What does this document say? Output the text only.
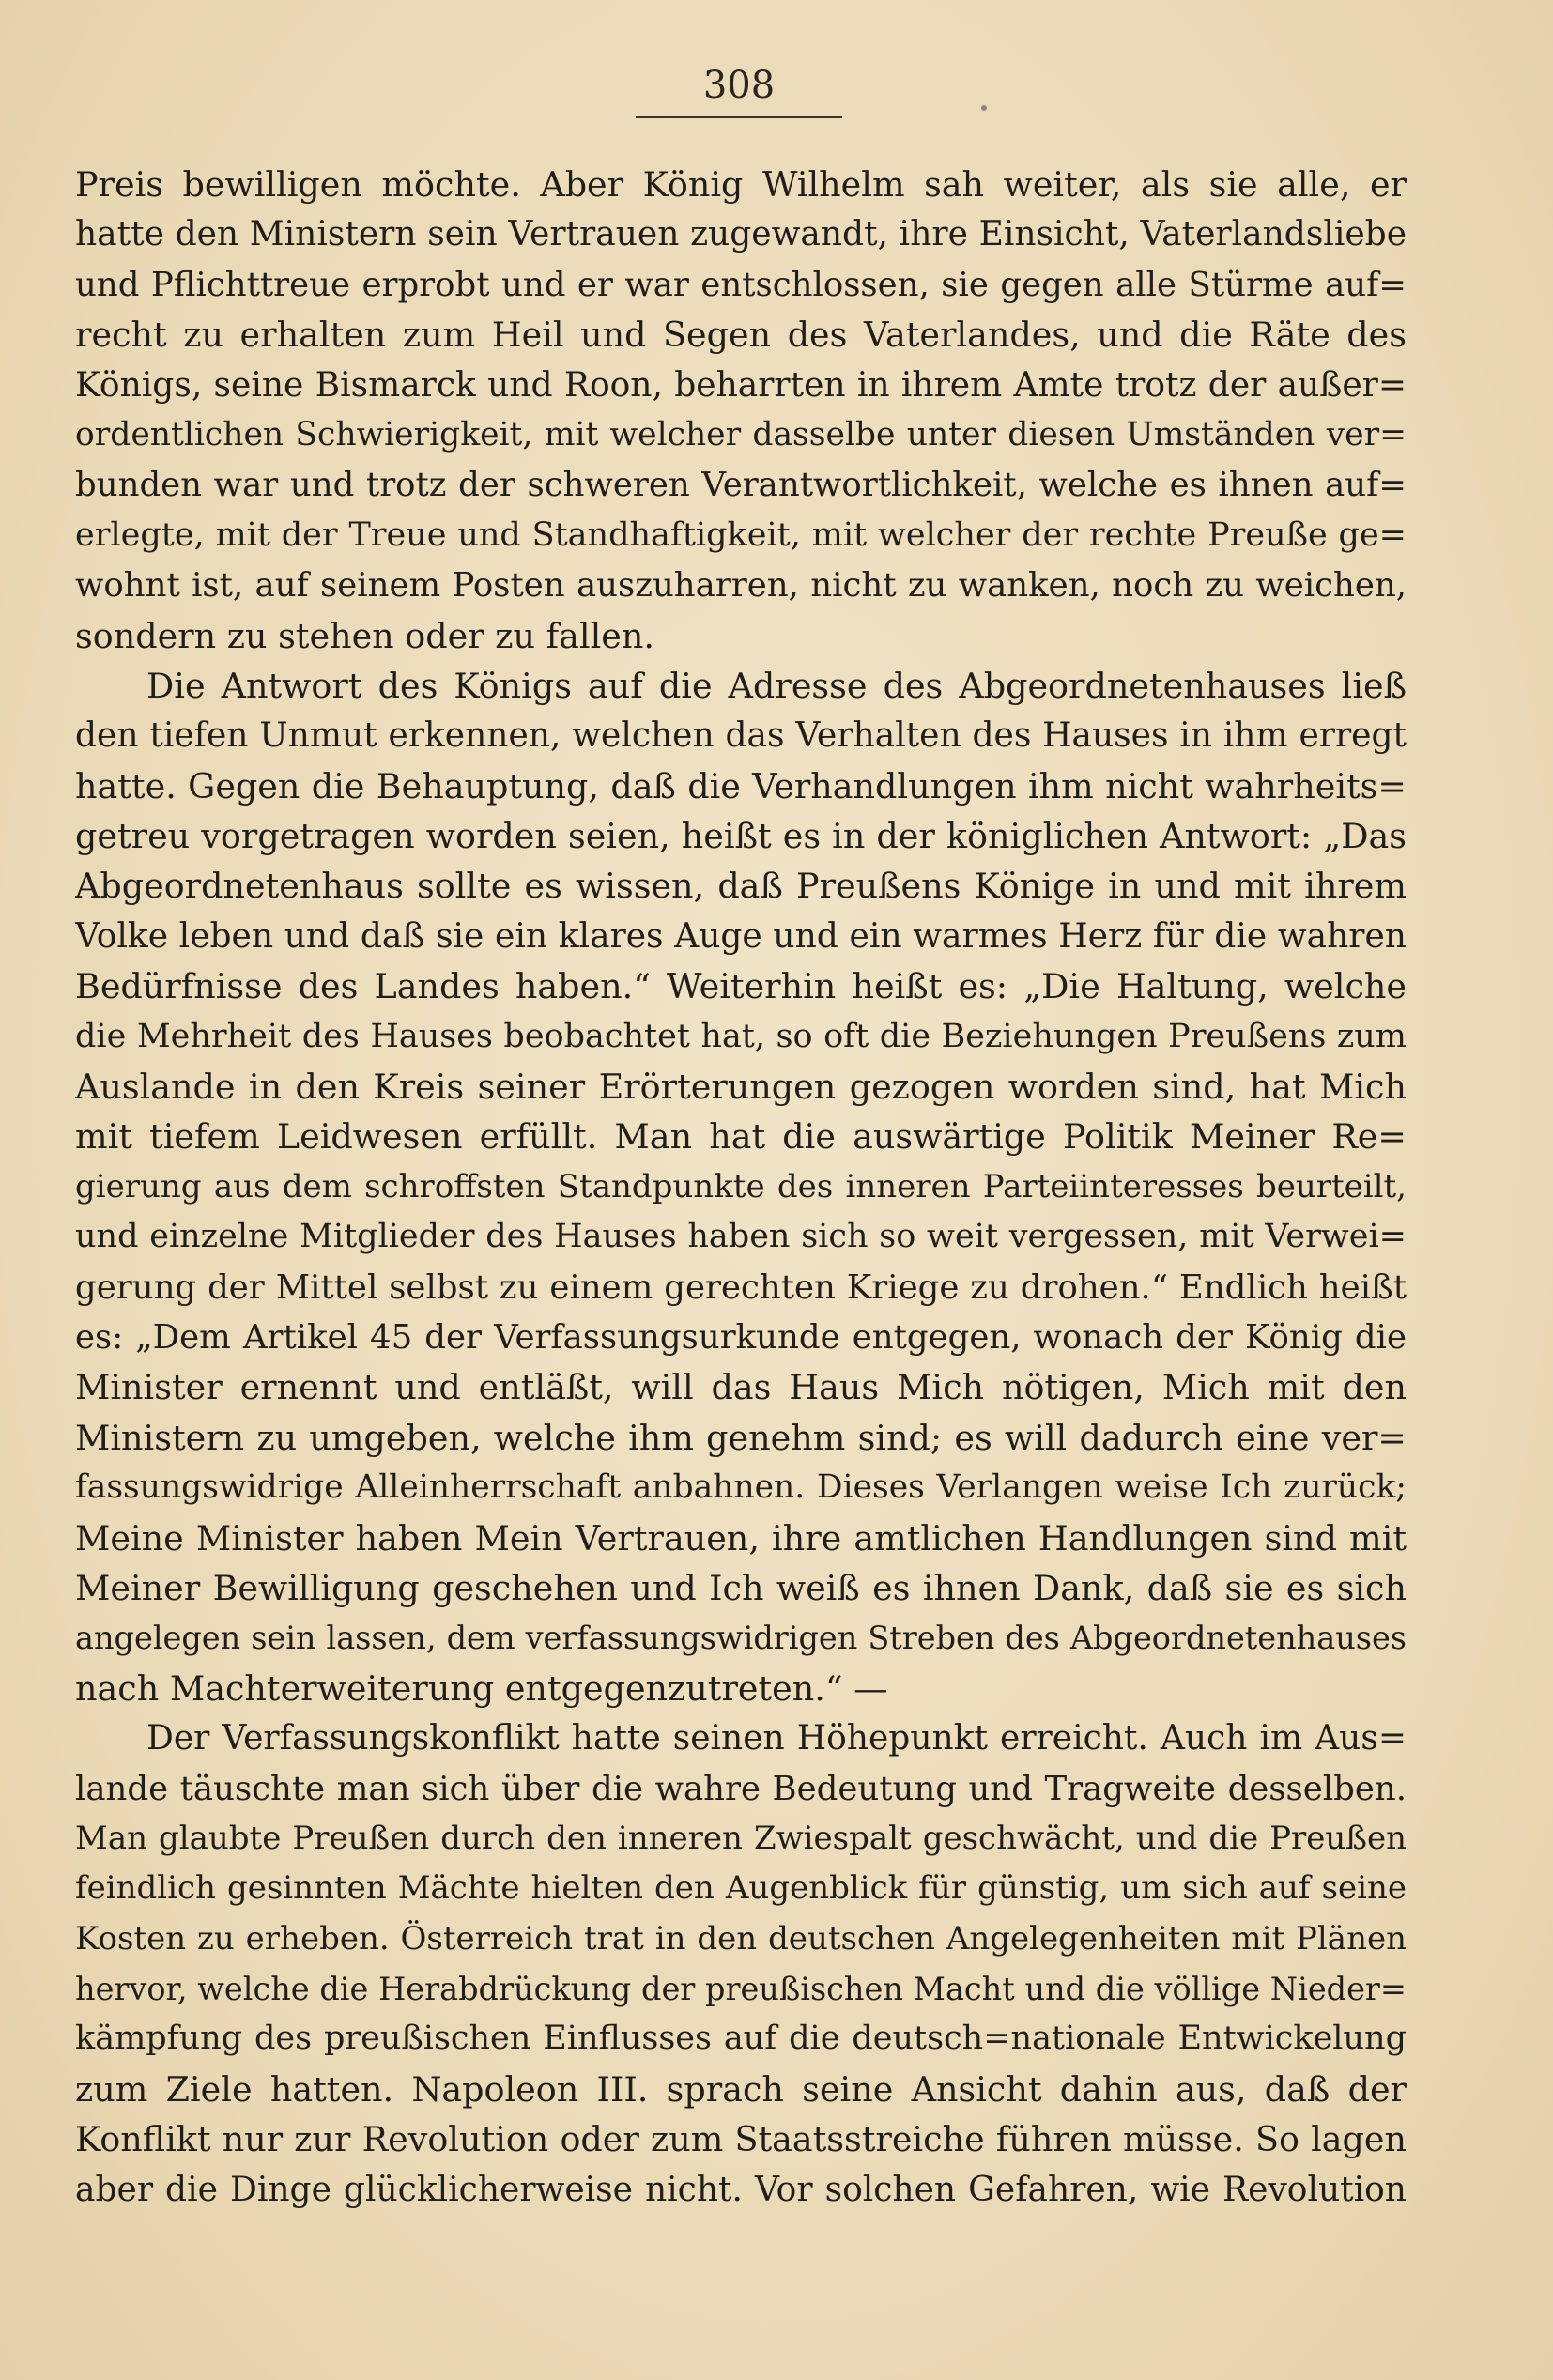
308

Preis bewilligen möchte. Aber König Wilhelm sah weiter, als sie alle, er
hatte den Ministern sein Vertrauen zugewandt, ihre Einsicht, Vaterlandsliebe
und Pflichttreue erprobt und er war entschlossen, sie gegen alle Stürme auf=
recht zu erhalten zum Heil und Segen des Vaterlandes, und die Räte des
Königs, seine Bismarck und Roon, beharrten in ihrem Amte trotz der außer=
ordentlichen Schwierigkeit, mit welcher dasselbe unter diesen Umständen ver=
bunden war und trotz der schweren Verantwortlichkeit, welche es ihnen auf=
erlegte, mit der Treue und Standhaftigkeit, mit welcher der rechte Preuße ge=
wohnt ist, auf seinem Posten auszuharren, nicht zu wanken, noch zu weichen,
sondern zu stehen oder zu fallen.
Die Antwort des Königs auf die Adresse des Abgeordnetenhauses ließ
den tiefen Unmut erkennen, welchen das Verhalten des Hauses in ihm erregt
hatte. Gegen die Behauptung, daß die Verhandlungen ihm nicht wahrheits=
getreu vorgetragen worden seien, heißt es in der königlichen Antwort: „Das
Abgeordnetenhaus sollte es wissen, daß Preußens Könige in und mit ihrem
Volke leben und daß sie ein klares Auge und ein warmes Herz für die wahren
Bedürfnisse des Landes haben.“ Weiterhin heißt es: „Die Haltung, welche
die Mehrheit des Hauses beobachtet hat, so oft die Beziehungen Preußens zum
Auslande in den Kreis seiner Erörterungen gezogen worden sind, hat Mich
mit tiefem Leidwesen erfüllt. Man hat die auswärtige Politik Meiner Re=
gierung aus dem schroffsten Standpunkte des inneren Parteiinteresses beurteilt,
und einzelne Mitglieder des Hauses haben sich so weit vergessen, mit Verwei=
gerung der Mittel selbst zu einem gerechten Kriege zu drohen.“ Endlich heißt
es: „Dem Artikel 45 der Verfassungsurkunde entgegen, wonach der König die
Minister ernennt und entläßt, will das Haus Mich nötigen, Mich mit den
Ministern zu umgeben, welche ihm genehm sind; es will dadurch eine ver=
fassungswidrige Alleinherrschaft anbahnen. Dieses Verlangen weise Ich zurück;
Meine Minister haben Mein Vertrauen, ihre amtlichen Handlungen sind mit
Meiner Bewilligung geschehen und Ich weiß es ihnen Dank, daß sie es sich
angelegen sein lassen, dem verfassungswidrigen Streben des Abgeordnetenhauses
nach Machterweiterung entgegenzutreten.“ —
Der Verfassungskonflikt hatte seinen Höhepunkt erreicht. Auch im Aus=
lande täuschte man sich über die wahre Bedeutung und Tragweite desselben.
Man glaubte Preußen durch den inneren Zwiespalt geschwächt, und die Preußen
feindlich gesinnten Mächte hielten den Augenblick für günstig, um sich auf seine
Kosten zu erheben. Österreich trat in den deutschen Angelegenheiten mit Plänen
hervor, welche die Herabdrückung der preußischen Macht und die völlige Nieder=
kämpfung des preußischen Einflusses auf die deutsch=nationale Entwickelung
zum Ziele hatten. Napoleon III. sprach seine Ansicht dahin aus, daß der
Konflikt nur zur Revolution oder zum Staatsstreiche führen müsse. So lagen
aber die Dinge glücklicherweise nicht. Vor solchen Gefahren, wie Revolution
